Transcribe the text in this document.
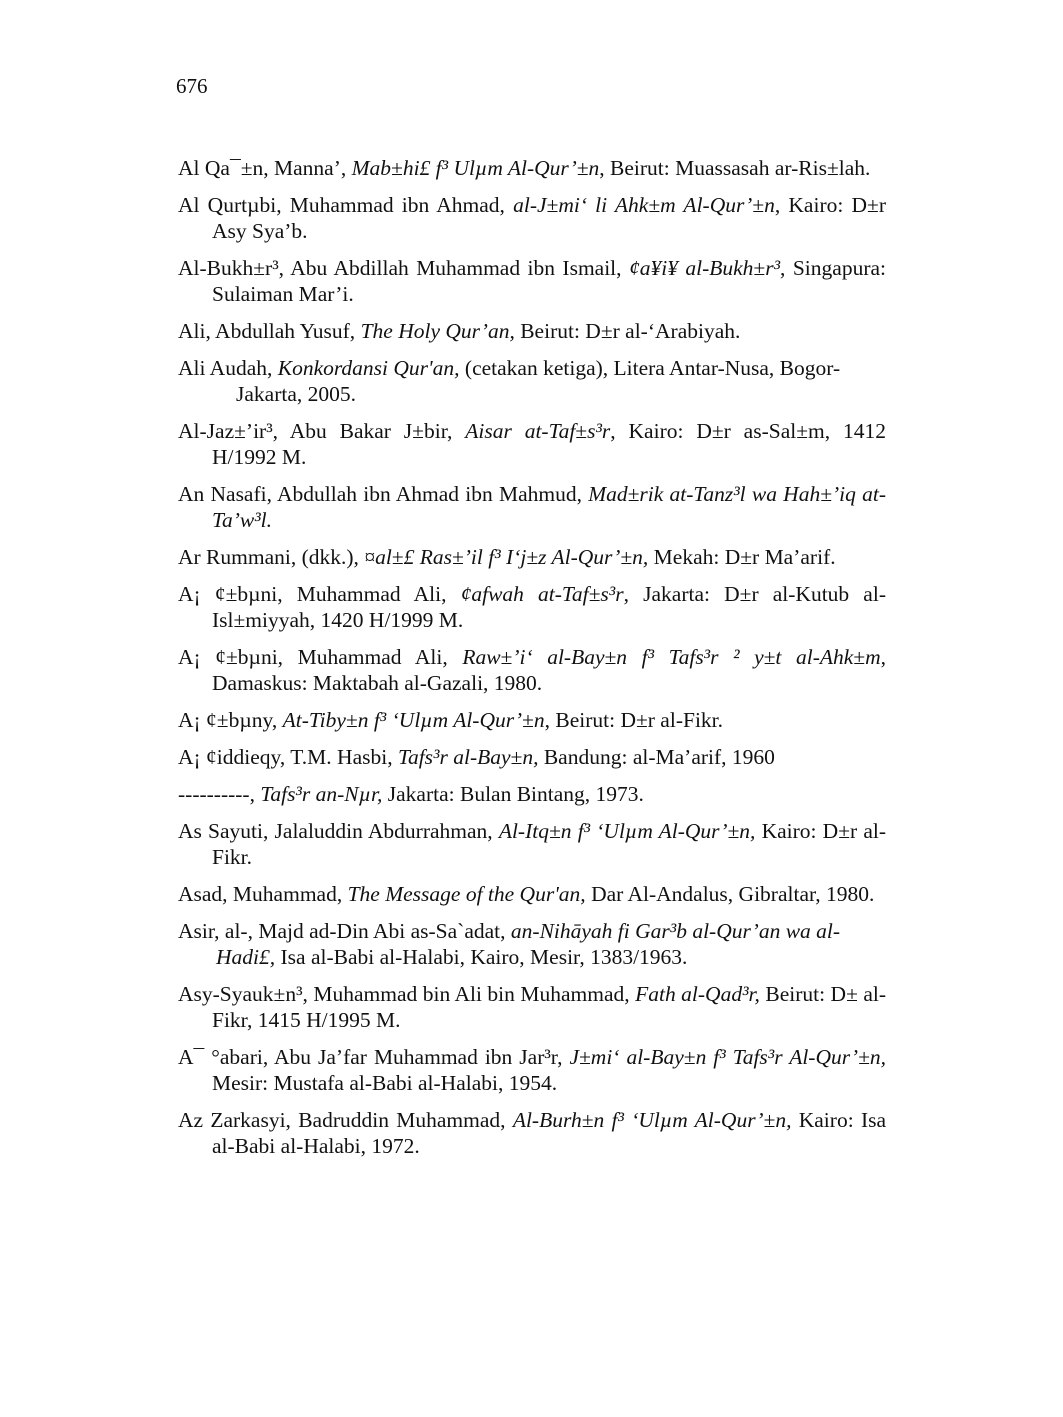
676

Al Qa¯±n, Manna’, Mab±hi£ f³ Ulµm Al-Qur’±n, Beirut: Muassasah ar-Ris±lah.

Al Qurtµbi, Muhammad ibn Ahmad, al-J±mi‘ li Ahk±m Al-Qur’±n, Kairo: D±r Asy Sya’b.

Al-Bukh±r³, Abu Abdillah Muhammad ibn Ismail, ¢a¥i¥ al-Bukh±r³, Singapura: Sulaiman Mar’i.

Ali, Abdullah Yusuf, The Holy Qur’an, Beirut: D±r al-‘Arabiyah.

Ali Audah, Konkordansi Qur'an, (cetakan ketiga), Litera Antar-Nusa, Bogor-Jakarta, 2005.

Al-Jaz±’ir³, Abu Bakar J±bir, Aisar at-Taf±s³r, Kairo: D±r as-Sal±m, 1412 H/1992 M.

An Nasafi, Abdullah ibn Ahmad ibn Mahmud, Mad±rik at-Tanz³l wa Hah±’iq at-Ta’w³l.

Ar Rummani, (dkk.), ¤al±£ Ras±’il f³ I‘j±z Al-Qur’±n, Mekah: D±r Ma’arif.

A¡ ¢±bµni, Muhammad Ali, ¢afwah at-Taf±s³r, Jakarta: D±r al-Kutub al-Isl±miyyah, 1420 H/1999 M.

A¡ ¢±bµni, Muhammad Ali, Raw±’i‘ al-Bay±n f³ Tafs³r ² y±t al-Ahk±m, Damaskus: Maktabah al-Gazali, 1980.

A¡ ¢±bµny, At-Tiby±n f³ ‘Ulµm Al-Qur’±n, Beirut: D±r al-Fikr.

A¡ ¢iddieqy, T.M. Hasbi, Tafs³r al-Bay±n, Bandung: al-Ma’arif, 1960

----------, Tafs³r an-Nµr, Jakarta: Bulan Bintang, 1973.

As Sayuti, Jalaluddin Abdurrahman, Al-Itq±n f³ ‘Ulµm Al-Qur’±n, Kairo: D±r al-Fikr.

Asad, Muhammad, The Message of the Qur'an, Dar Al-Andalus, Gibraltar, 1980.

Asir, al-, Majd ad-Din Abi as-Sa`adat, an-Nihāyah fi Gar³b al-Qur’an wa al-Hadi£, Isa al-Babi al-Halabi, Kairo, Mesir, 1383/1963.

Asy-Syauk±n³, Muhammad bin Ali bin Muhammad, Fath al-Qad³r, Beirut: D± al-Fikr, 1415 H/1995 M.

A¯ °abari, Abu Ja’far Muhammad ibn Jar³r, J±mi‘ al-Bay±n f³ Tafs³r Al-Qur’±n, Mesir: Mustafa al-Babi al-Halabi, 1954.

Az Zarkasyi, Badruddin Muhammad, Al-Burh±n f³ ‘Ulµm Al-Qur’±n, Kairo: Isa al-Babi al-Halabi, 1972.
